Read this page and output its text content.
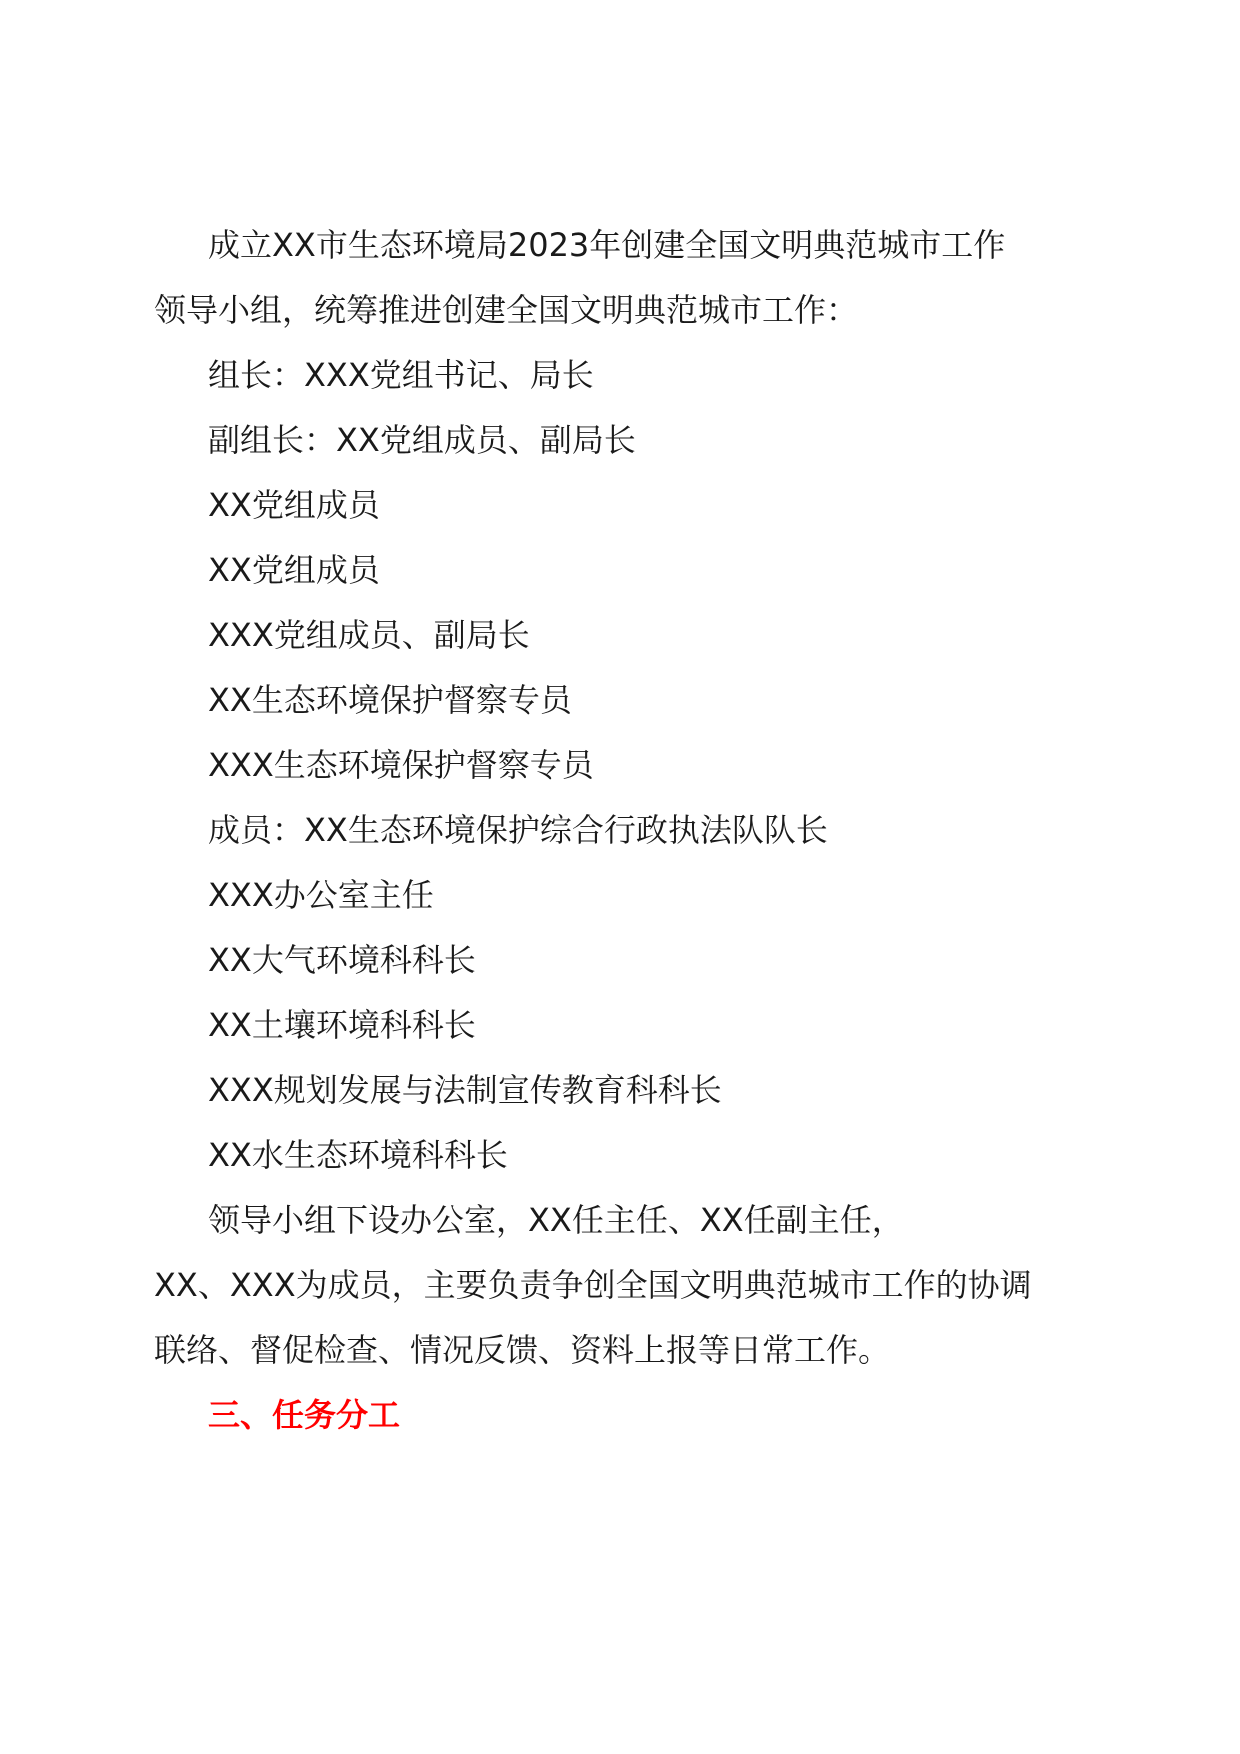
成立XX市生态环境局2023年创建全国文明典范城市工作

领导小组，统筹推进创建全国文明典范城市工作：

组长：XXX党组书记、局长

副组长：XX党组成员、副局长

XX党组成员

XX党组成员

XXX党组成员、副局长

XX生态环境保护督察专员

XXX生态环境保护督察专员

成员：XX生态环境保护综合行政执法队队长

XXX办公室主任

XX大气环境科科长

XX土壤环境科科长

XXX规划发展与法制宣传教育科科长

XX水生态环境科科长

领导小组下设办公室，XX任主任、XX任副主任，

XX、XXX为成员，主要负责争创全国文明典范城市工作的协调

联络、督促检查、情况反馈、资料上报等日常工作。

三、任务分工
